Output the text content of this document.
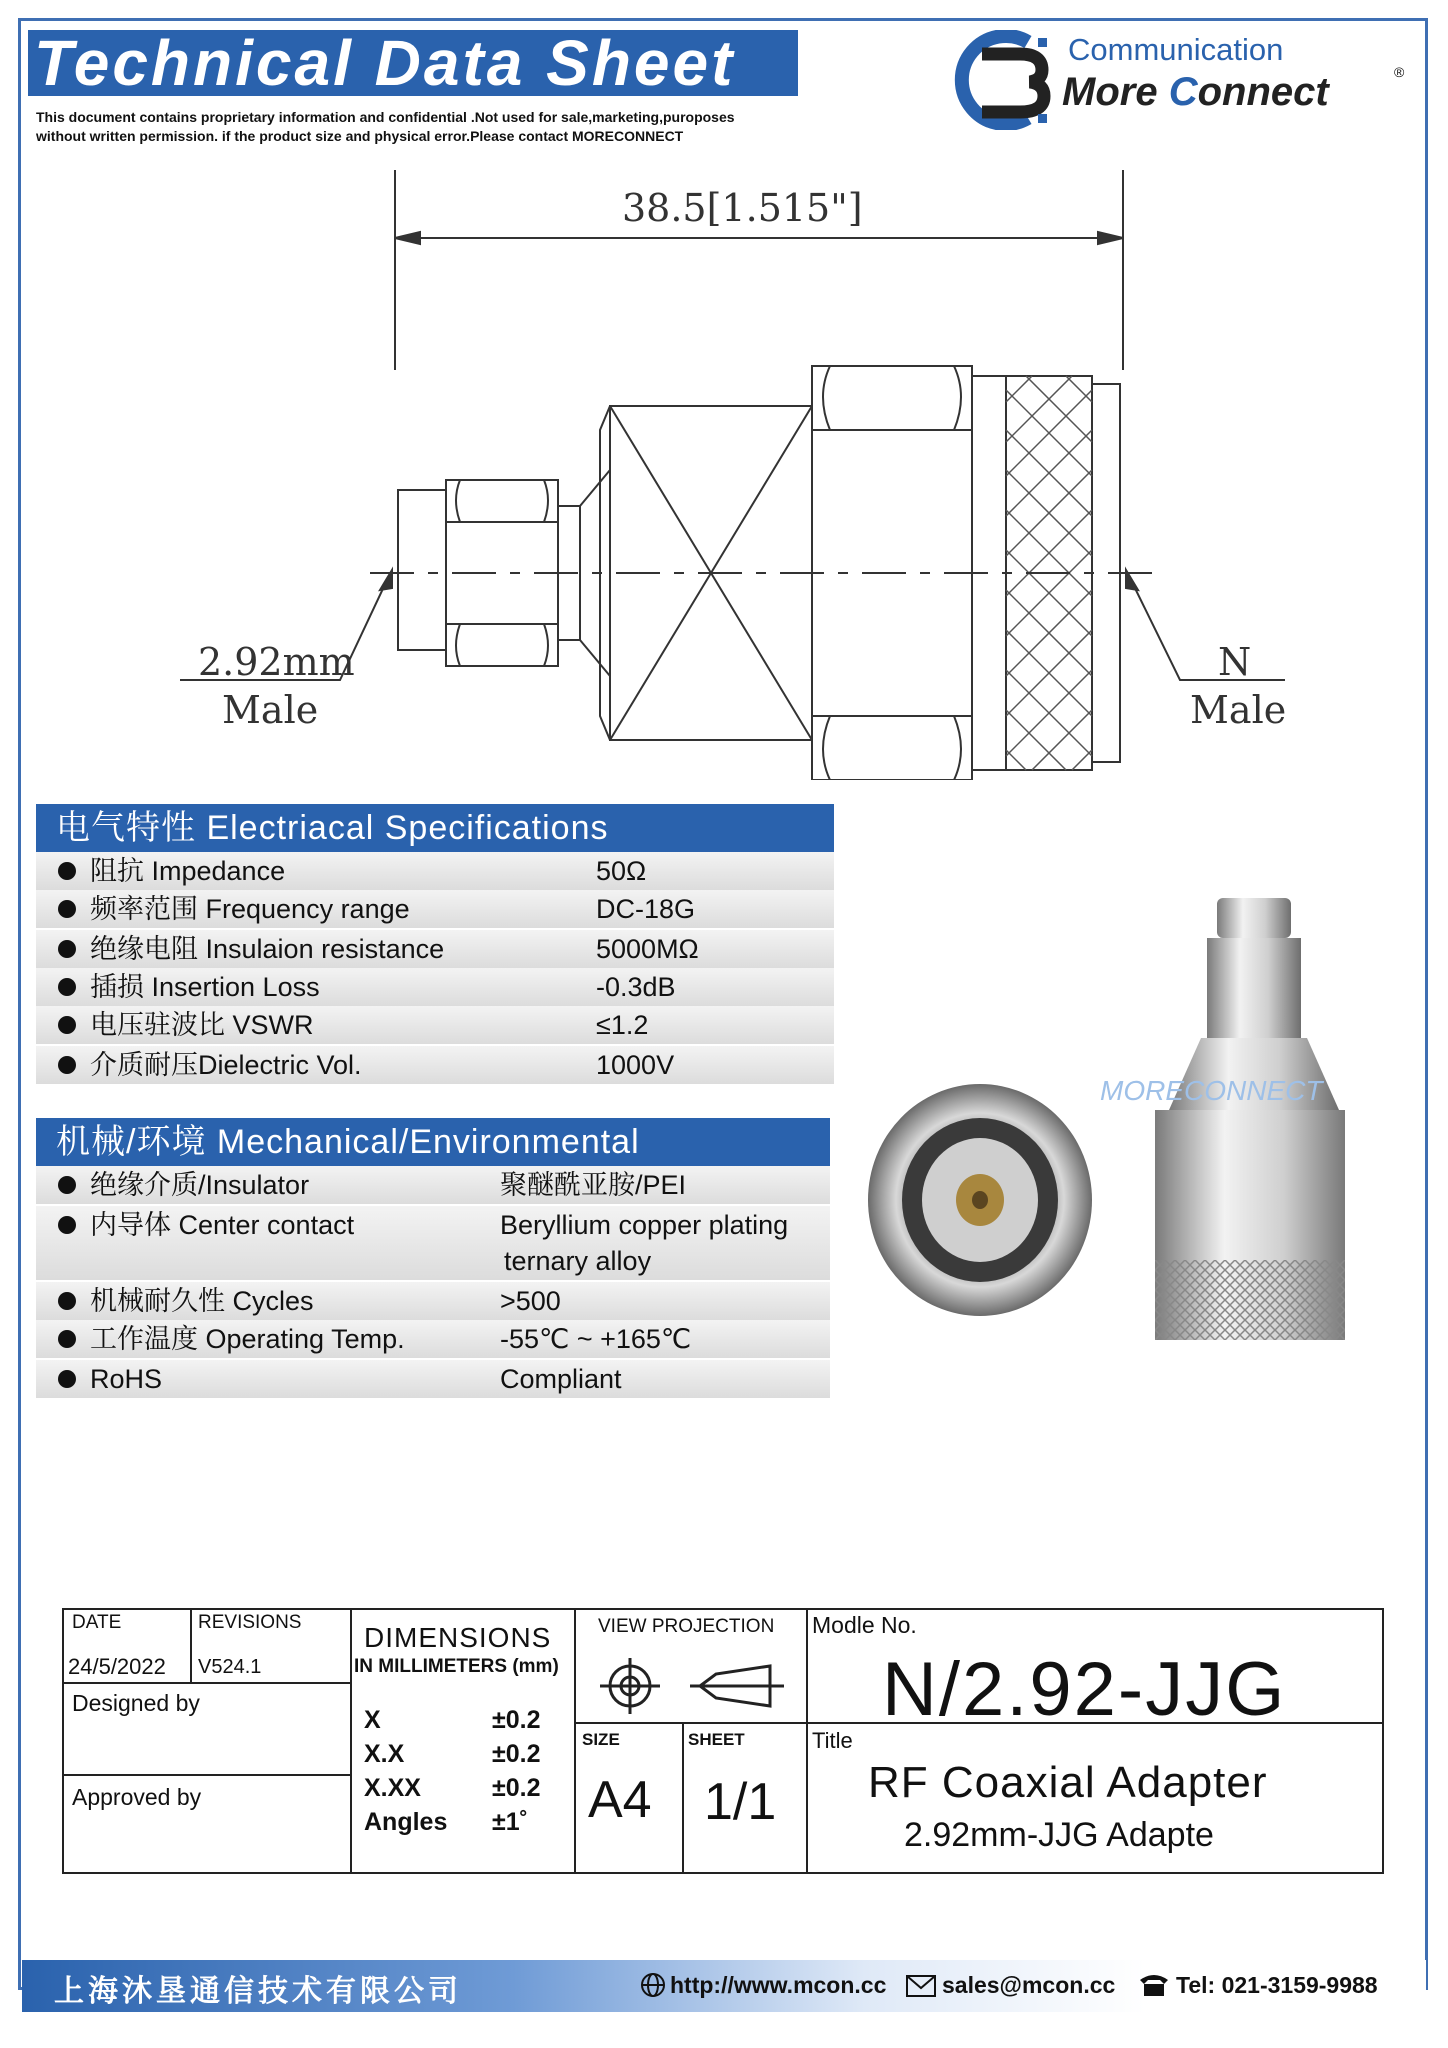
Technical Data Sheet
This document contains proprietary information and confidential .Not used for sale,marketing,puroposes
without written permission. if the product size and physical error.Please contact MORECONNECT
Communication
More Connect	®
38.5[1.515"]
2.92mm
Male
N
Male
电气特性 Electriacal Specifications
阻抗 Impedance	50Ω
频率范围 Frequency range	DC-18G
绝缘电阻 Insulaion resistance	5000MΩ
插损 Insertion Loss	-0.3dB
电压驻波比 VSWR	≤1.2
介质耐压Dielectric Vol.	1000V
机械/环境 Mechanical/Environmental
绝缘介质/Insulator	聚醚酰亚胺/PEI
内导体 Center contact	Beryllium copper plating
ternary alloy
机械耐久性 Cycles	>500
工作温度 Operating Temp.	-55℃ ~ +165℃
RoHS	Compliant
MORECONNECT
DATE	REVISIONS
24/5/2022 V524.1
Designed by
Approved by
DIMENSIONS
IN MILLIMETERS (mm)
X	±0.2
X.X	±0.2
X.XX	±0.2
Angles ±1˚
VIEW PROJECTION
SIZE
A4
SHEET
1/1
Modle No.
N/2.92-JJG
Title
RF Coaxial Adapter
2.92mm-JJG Adapte
上海沐垦通信技术有限公司	http://www.mcon.cc sales@mcon.cc	Tel: 021-3159-9988
